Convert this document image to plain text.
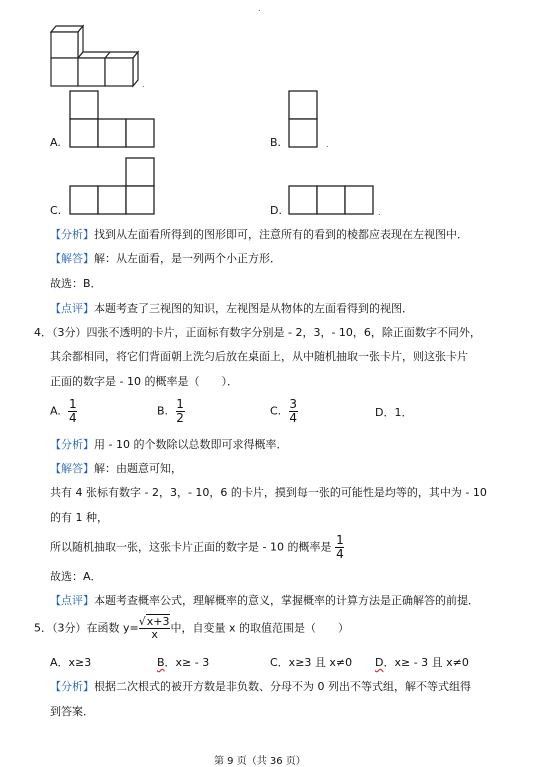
.
.
A.	B.	.
C.	D.	.
【分析】找到从左面看所得到的图形即可，注意所有的看到的棱都应表现在左视图中．
【解答】解：从左面看，是一列两个小正方形．
故选：B．
【点评】本题考查了三视图的知识，左视图是从物体的左面看得到的视图．
4．（3分）四张不透明的卡片，正面标有数字分别是 - 2，3，- 10，6，除正面数字不同外，
其余都相同，将它们背面朝上洗匀后放在桌面上，从中随机抽取一张卡片，则这张卡片
正面的数字是 - 10 的概率是（　　）．
A. $\frac{1}{4}$	B. $\frac{1}{2}$	C. $\frac{3}{4}$	D．1．
【分析】用 - 10 的个数除以总数即可求得概率．
【解答】解：由题意可知，
共有 4 张标有数字 - 2，3，- 10，6 的卡片，摸到每一张的可能性是均等的，其中为 - 10
的有 1 种，
所以随机抽取一张，这张卡片正面的数字是 - 10 的概率是 $\frac{1}{4}$
故选：A．
【点评】本题考查概率公式，理解概率的意义，掌握概率的计算方法是正确解答的前提．
5．（3分）在函数 $y= \frac{√x+3}{x}$ 中，自变量 x 的取值范围是（　　）
A．x≥3	B．x≥ - 3	C．x≥3 且 x≠0 D．x≥ - 3 且 x≠0
【分析】根据二次根式的被开方数是非负数、分母不为 0 列出不等式组，解不等式组得
到答案．
第 9 页（共 36 页）
